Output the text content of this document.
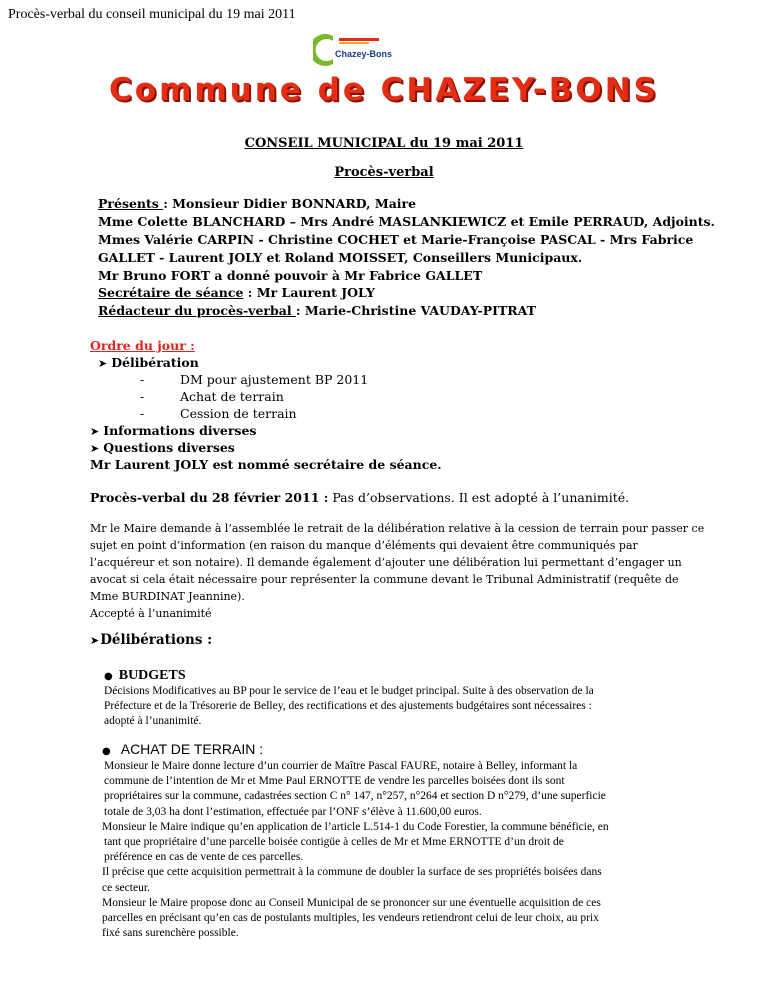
Procès-verbal du conseil municipal du 19 mai 2011
Chazey-Bons
Commune de CHAZEY-BONS
CONSEIL MUNICIPAL du 19 mai 2011
Procès-verbal
Présents : Monsieur Didier BONNARD, Maire
Mme Colette BLANCHARD – Mrs André MASLANKIEWICZ et Emile PERRAUD, Adjoints.
Mmes Valérie CARPIN - Christine COCHET et Marie-Françoise PASCAL - Mrs Fabrice
GALLET - Laurent JOLY et Roland MOISSET, Conseillers Municipaux.
Mr Bruno FORT a donné pouvoir à Mr Fabrice GALLET
Secrétaire de séance : Mr Laurent JOLY
Rédacteur du procès-verbal : Marie-Christine VAUDAY-PITRAT
Ordre du jour :
➤ Délibération
-	DM pour ajustement BP 2011
-	Achat de terrain
-	Cession de terrain
➤ Informations diverses
➤ Questions diverses
Mr Laurent JOLY est nommé secrétaire de séance.
Procès-verbal du 28 février 2011 : Pas d’observations. Il est adopté à l’unanimité.
Mr le Maire demande à l’assemblée le retrait de la délibération relative à la cession de terrain pour passer ce
sujet en point d’information (en raison du manque d’éléments qui devaient être communiqués par
l’acquéreur et son notaire). Il demande également d’ajouter une délibération lui permettant d’engager un
avocat si cela était nécessaire pour représenter la commune devant le Tribunal Administratif (requête de
Mme BURDINAT Jeannine).
Accepté à l’unanimité
➤Délibérations :
● BUDGETS
Décisions Modificatives au BP pour le service de l’eau et le budget principal. Suite à des observation de la
Préfecture et de la Trésorerie de Belley, des rectifications et des ajustements budgétaires sont nécessaires :
adopté à l’unanimité.
● ACHAT DE TERRAIN :
Monsieur le Maire donne lecture d’un courrier de Maître Pascal FAURE, notaire à Belley, informant la
commune de l’intention de Mr et Mme Paul ERNOTTE de vendre les parcelles boisées dont ils sont
propriétaires sur la commune, cadastrées section C n° 147, n°257, n°264 et section D n°279, d’une superficie
totale de 3,03 ha dont l’estimation, effectuée par l’ONF s’élève à 11.600,00 euros.
Monsieur le Maire indique qu’en application de l’article L.514-1 du Code Forestier, la commune bénéficie, en
tant que propriétaire d’une parcelle boisée contigüe à celles de Mr et Mme ERNOTTE d’un droit de
préférence en cas de vente de ces parcelles.
Il précise que cette acquisition permettrait à la commune de doubler la surface de ses propriétés boisées dans
ce secteur.
Monsieur le Maire propose donc au Conseil Municipal de se prononcer sur une éventuelle acquisition de ces
parcelles en précisant qu’en cas de postulants multiples, les vendeurs retiendront celui de leur choix, au prix
fixé sans surenchère possible.
